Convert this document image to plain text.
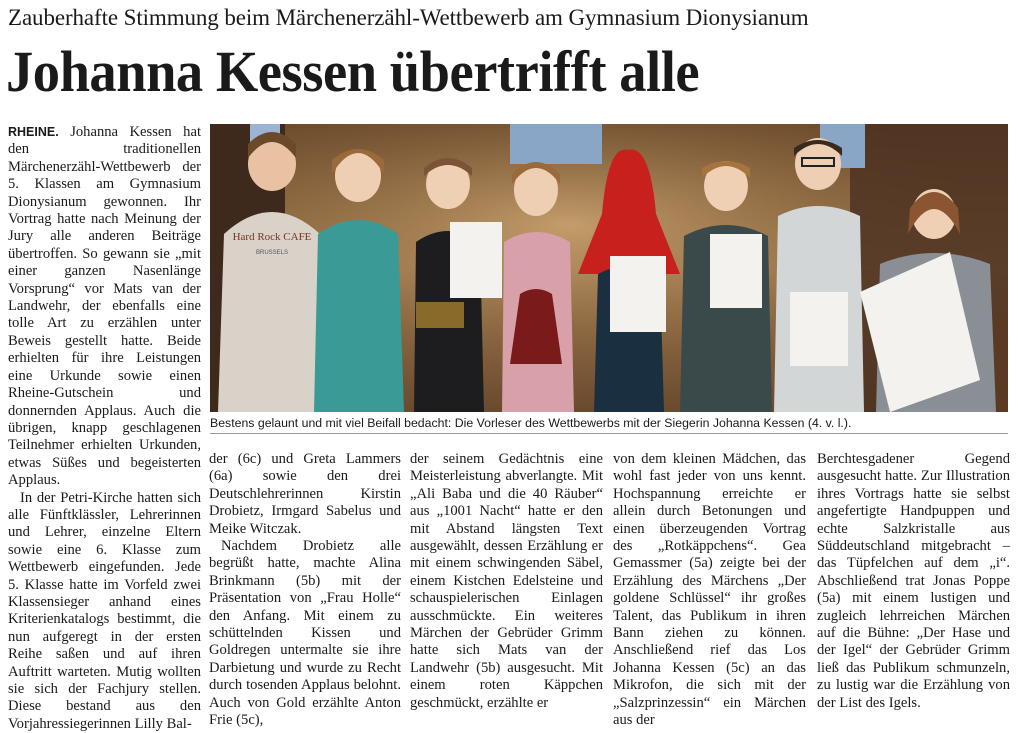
Zauberhafte Stimmung beim Märchenerzähl-Wettbewerb am Gymnasium Dionysianum
Johanna Kessen übertrifft alle

RHEINE. Johanna Kessen hat den traditionellen Märchenerzähl-Wettbewerb der 5. Klassen am Gymnasium Dionysianum gewonnen. Ihr Vortrag hatte nach Meinung der Jury alle anderen Beiträge übertroffen. So gewann sie „mit einer ganzen Nasenlänge Vorsprung“ vor Mats van der Landwehr, der ebenfalls eine tolle Art zu erzählen unter Beweis gestellt hatte. Beide erhielten für ihre Leistungen eine Urkunde sowie einen Rheine-Gutschein und donnernden Applaus. Auch die übrigen, knapp geschlagenen Teilnehmer erhielten Urkunden, etwas Süßes und begeisterten Applaus.

In der Petri-Kirche hatten sich alle Fünftklässler, Lehrerinnen und Lehrer, einzelne Eltern sowie eine 6. Klasse zum Wettbewerb eingefunden. Jede 5. Klasse hatte im Vorfeld zwei Klassensieger anhand eines Kriterienkatalogs bestimmt, die nun aufgeregt in der ersten Reihe saßen und auf ihren Auftritt warteten. Mutig wollten sie sich der Fachjury stellen. Diese bestand aus den Vorjahressiegerinnen Lilly Bal-

Hard Rock CAFE
BRUSSELS
Bestens gelaunt und mit viel Beifall bedacht: Die Vorleser des Wettbewerbs mit der Siegerin Johanna Kessen (4. v. l.).

der (6c) und Greta Lammers (6a) sowie den drei Deutschlehrerinnen Kirstin Drobietz, Irmgard Sabelus und Meike Witczak.

Nachdem Drobietz alle begrüßt hatte, machte Alina Brinkmann (5b) mit der Präsentation von „Frau Holle“ den Anfang. Mit einem zu schüttelnden Kissen und Goldregen untermalte sie ihre Darbietung und wurde zu Recht durch tosenden Applaus belohnt. Auch von Gold erzählte Anton Frie (5c),

der seinem Gedächtnis eine Meisterleistung abverlangte. Mit „Ali Baba und die 40 Räuber“ aus „1001 Nacht“ hatte er den mit Abstand längsten Text ausgewählt, dessen Erzählung er mit einem schwingenden Säbel, einem Kistchen Edelsteine und schauspielerischen Einlagen ausschmückte. Ein weiteres Märchen der Gebrüder Grimm hatte sich Mats van der Landwehr (5b) ausgesucht. Mit einem roten Käppchen geschmückt, erzählte er

von dem kleinen Mädchen, das wohl fast jeder von uns kennt. Hochspannung erreichte er allein durch Betonungen und einen überzeugenden Vortrag des „Rotkäppchens“. Gea Gemassmer (5a) zeigte bei der Erzählung des Märchens „Der goldene Schlüssel“ ihr großes Talent, das Publikum in ihren Bann ziehen zu können. Anschließend rief das Los Johanna Kessen (5c) an das Mikrofon, die sich mit der „Salzprinzessin“ ein Märchen aus der

Berchtesgadener Gegend ausgesucht hatte. Zur Illustration ihres Vortrags hatte sie selbst angefertigte Handpuppen und echte Salzkristalle aus Süddeutschland mitgebracht – das Tüpfelchen auf dem „i“. Abschließend trat Jonas Poppe (5a) mit einem lustigen und zugleich lehrreichen Märchen auf die Bühne: „Der Hase und der Igel“ der Gebrüder Grimm ließ das Publikum schmunzeln, zu lustig war die Erzählung von der List des Igels.
